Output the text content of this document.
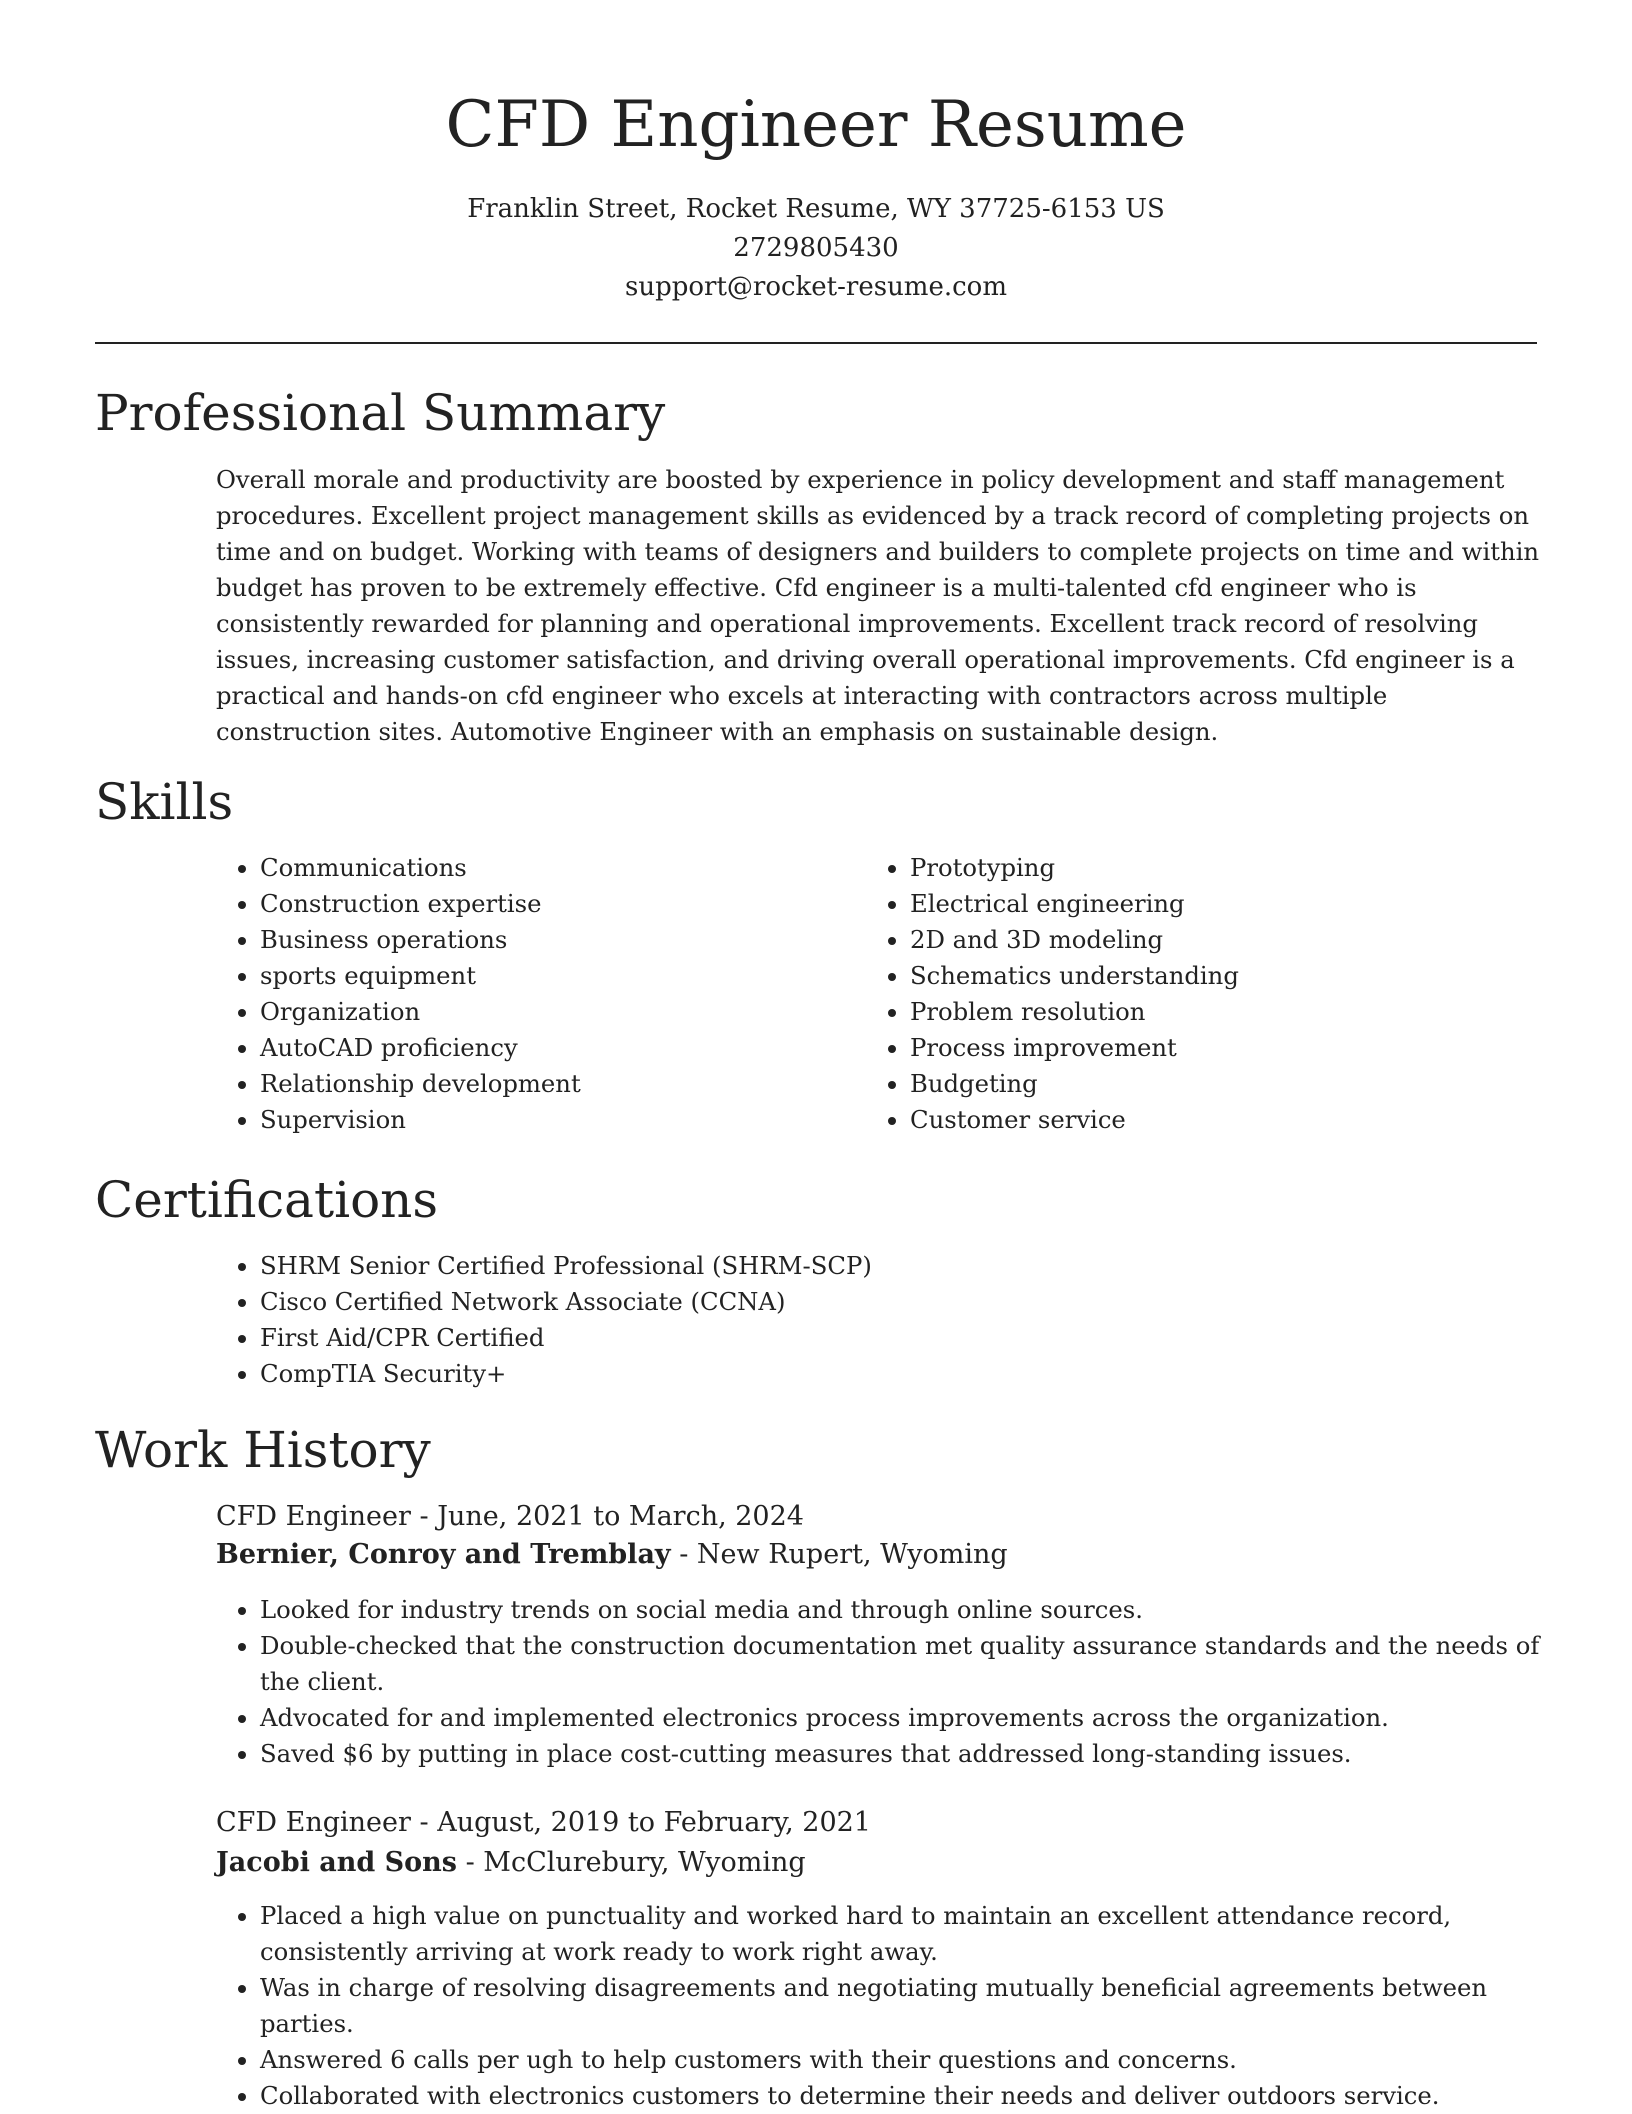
CFD Engineer Resume
Franklin Street, Rocket Resume, WY 37725-6153 US
2729805430
support@rocket-resume.com
Professional Summary

Overall morale and productivity are boosted by experience in policy development and staff management procedures. Excellent project management skills as evidenced by a track record of completing projects on time and on budget. Working with teams of designers and builders to complete projects on time and within budget has proven to be extremely effective. Cfd engineer is a multi-talented cfd engineer who is consistently rewarded for planning and operational improvements. Excellent track record of resolving issues, increasing customer satisfaction, and driving overall operational improvements. Cfd engineer is a practical and hands-on cfd engineer who excels at interacting with contractors across multiple construction sites. Automotive Engineer with an emphasis on sustainable design.

Skills
• Communications
• Construction expertise
• Business operations
• sports equipment
• Organization
• AutoCAD proficiency
• Relationship development
• Supervision
• Prototyping
• Electrical engineering
• 2D and 3D modeling
• Schematics understanding
• Problem resolution
• Process improvement
• Budgeting
• Customer service
Certifications
• SHRM Senior Certified Professional (SHRM-SCP)
• Cisco Certified Network Associate (CCNA)
• First Aid/CPR Certified
• CompTIA Security+
Work History
CFD Engineer - June, 2021 to March, 2024
Bernier, Conroy and Tremblay - New Rupert, Wyoming
• Looked for industry trends on social media and through online sources.
• Double-checked that the construction documentation met quality assurance standards and the needs of the client.
• Advocated for and implemented electronics process improvements across the organization.
• Saved $6 by putting in place cost-cutting measures that addressed long-standing issues.
CFD Engineer - August, 2019 to February, 2021
Jacobi and Sons - McClurebury, Wyoming
• Placed a high value on punctuality and worked hard to maintain an excellent attendance record, consistently arriving at work ready to work right away.
• Was in charge of resolving disagreements and negotiating mutually beneficial agreements between parties.
• Answered 6 calls per ugh to help customers with their questions and concerns.
• Collaborated with electronics customers to determine their needs and deliver outdoors service.
